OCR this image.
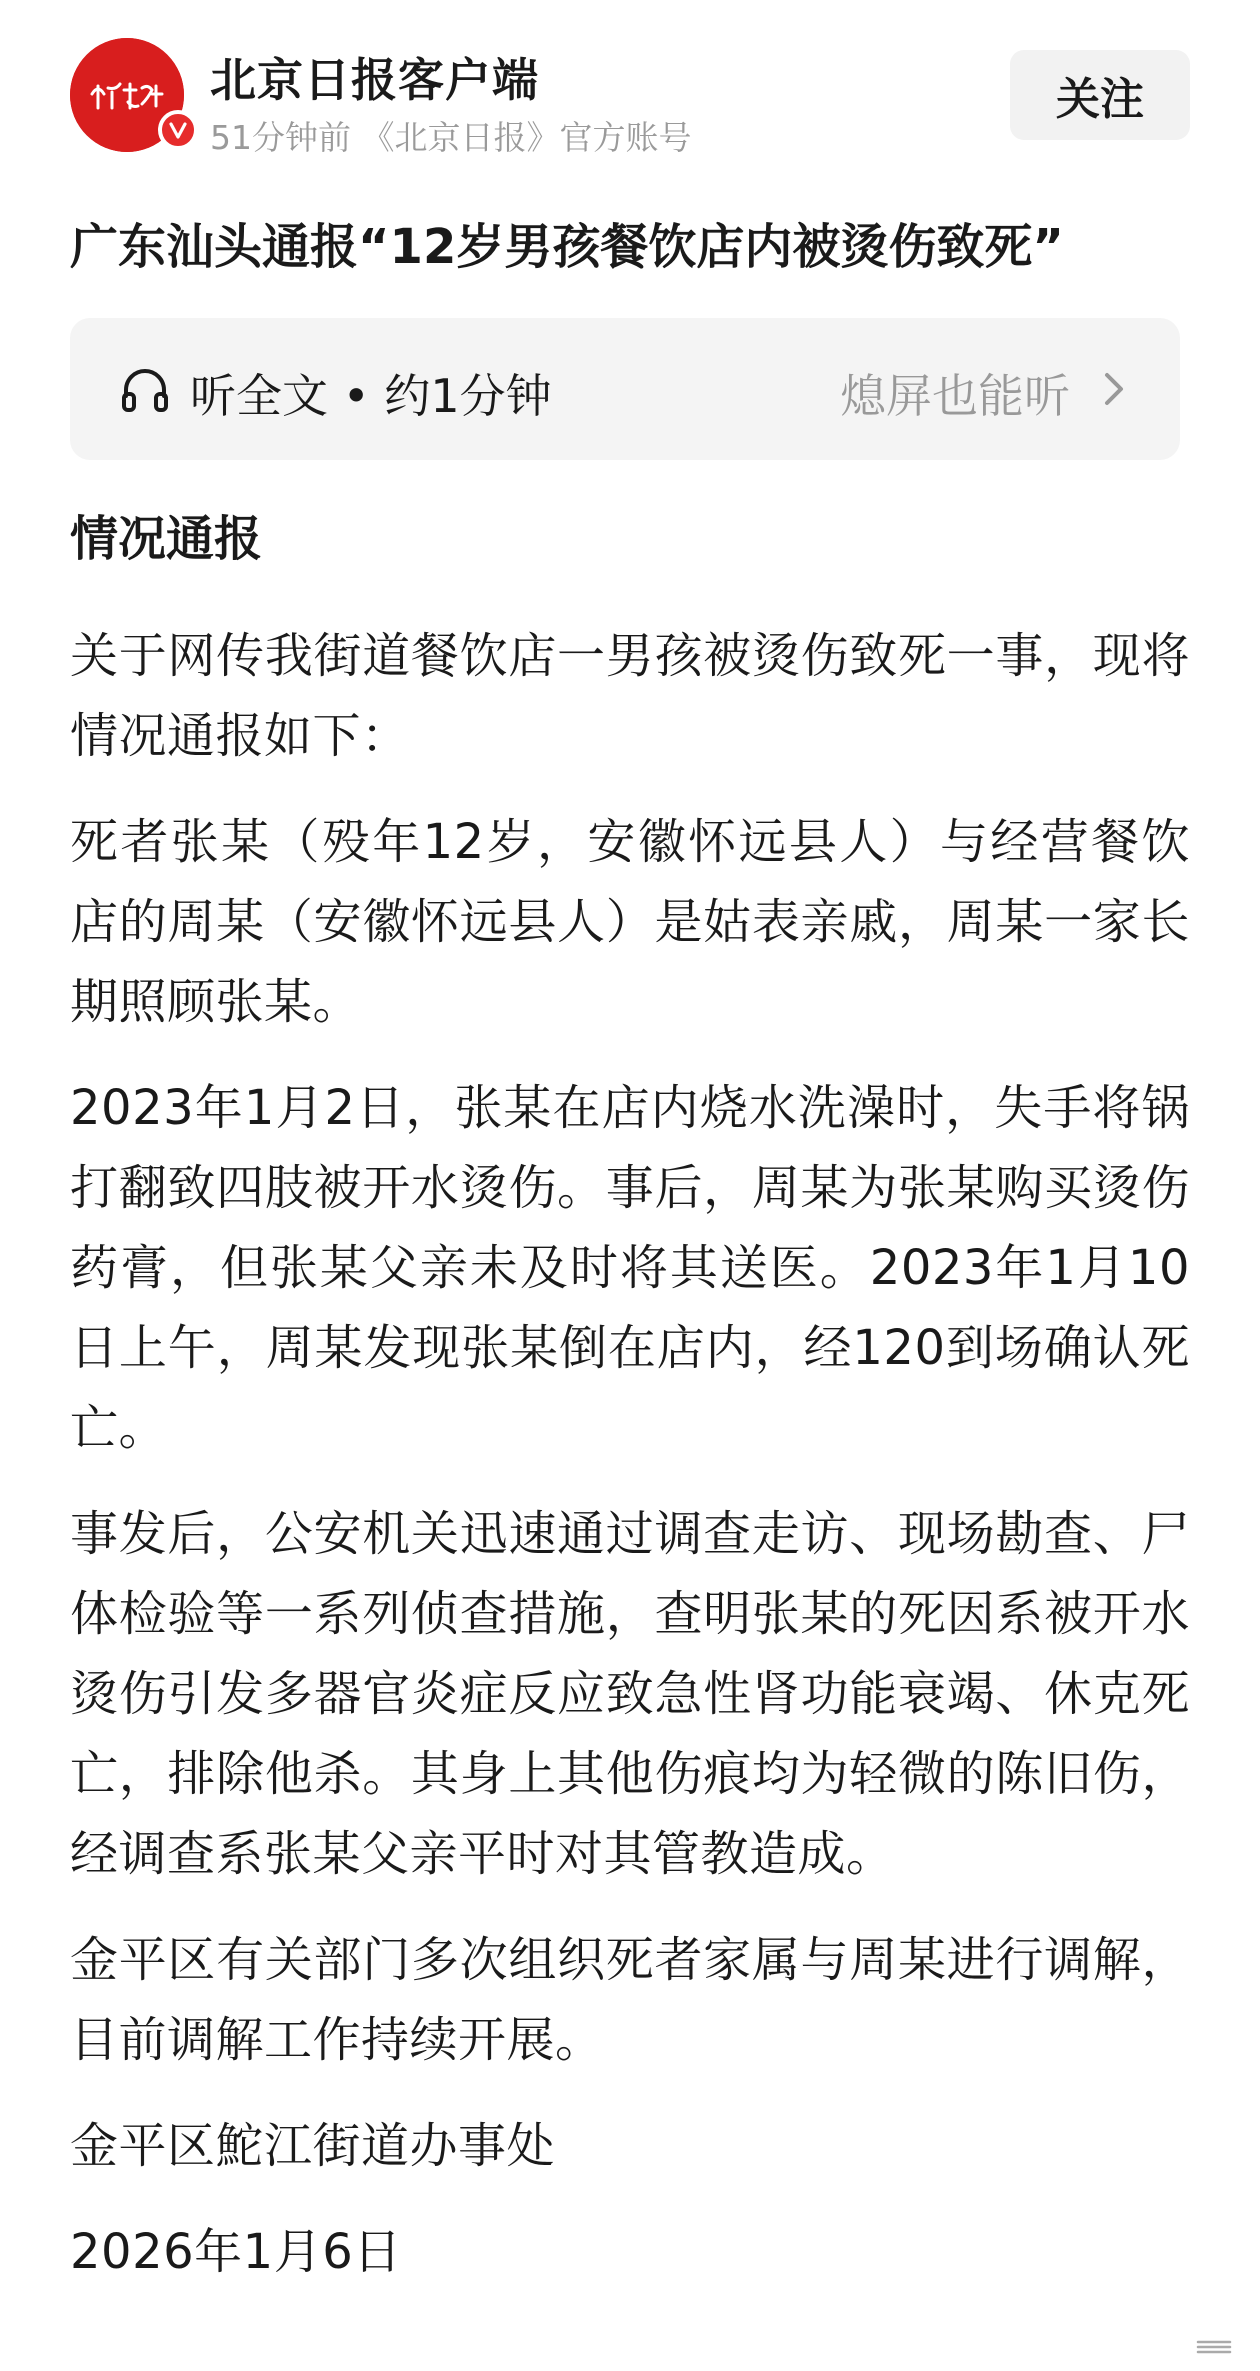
北京日报客户端
51分钟前 《北京日报》官方账号
关注
广东汕头通报“12岁男孩餐饮店内被烫伤致死”
听全文 • 约1分钟	熄屏也能听
情况通报

关于网传我街道餐饮店一男孩被烫伤致死一事，现将情况通报如下：

死者张某（殁年12岁，安徽怀远县人）与经营餐饮店的周某（安徽怀远县人）是姑表亲戚，周某一家长期照顾张某。

2023年1月2日，张某在店内烧水洗澡时，失手将锅打翻致四肢被开水烫伤。事后，周某为张某购买烫伤药膏，但张某父亲未及时将其送医。2023年1月10日上午，周某发现张某倒在店内，经120到场确认死亡。

事发后，公安机关迅速通过调查走访、现场勘查、尸体检验等一系列侦查措施，查明张某的死因系被开水烫伤引发多器官炎症反应致急性肾功能衰竭、休克死亡，排除他杀。其身上其他伤痕均为轻微的陈旧伤，经调查系张某父亲平时对其管教造成。

金平区有关部门多次组织死者家属与周某进行调解，目前调解工作持续开展。

金平区鮀江街道办事处

2026年1月6日
